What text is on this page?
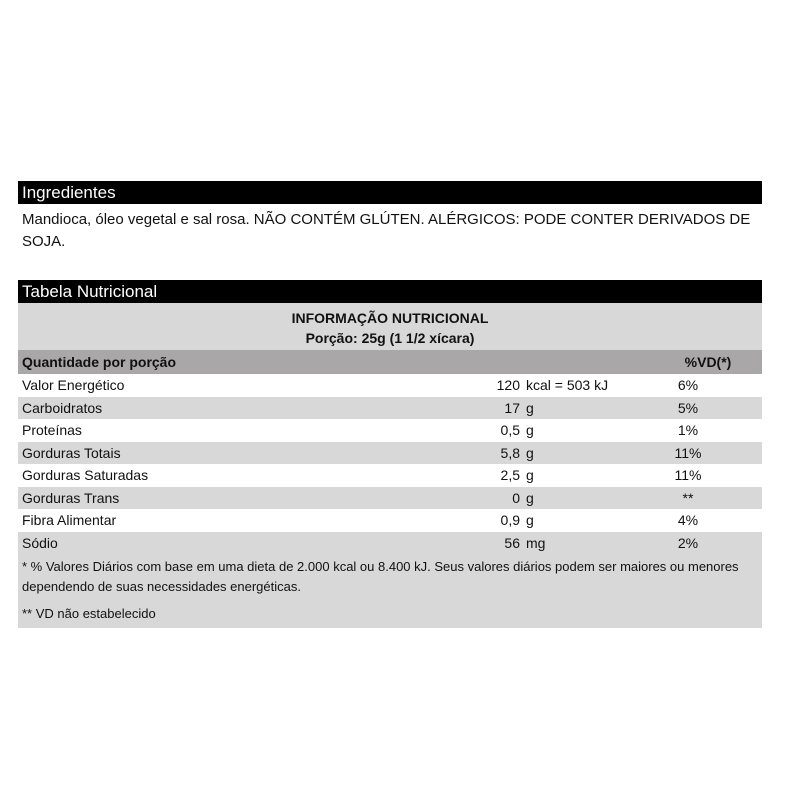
Ingredientes
Mandioca, óleo vegetal e sal rosa. NÃO CONTÉM GLÚTEN. ALÉRGICOS: PODE CONTER DERIVADOS DE SOJA.
Tabela Nutricional
INFORMAÇÃO NUTRICIONAL
Porção: 25g (1 1/2 xícara)
Quantidade por porção	%VD(*)
Valor Energético	120 kcal = 503 kJ	6%
Carboidratos	17 g	5%
Proteínas	0,5 g	1%
Gorduras Totais	5,8 g	11%
Gorduras Saturadas	2,5 g	11%
Gorduras Trans	0 g	**
Fibra Alimentar	0,9 g	4%
Sódio	56 mg	2%
* % Valores Diários com base em uma dieta de 2.000 kcal ou 8.400 kJ. Seus valores diários podem ser maiores ou menores dependendo de suas necessidades energéticas.
** VD não estabelecido
